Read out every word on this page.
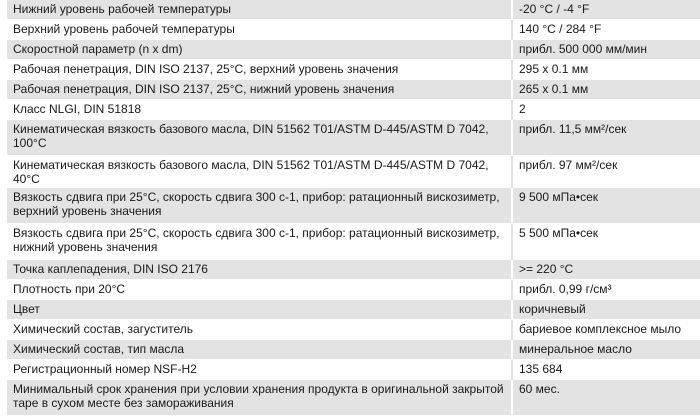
Нижний уровень рабочей температуры	-20 °C / -4 °F
Верхний уровень рабочей температуры	140 °C / 284 °F
Скоростной параметр (n x dm)	прибл. 500 000 мм/мин
Рабочая пенетрация, DIN ISO 2137, 25°C, верхний уровень значения	295 x 0.1 мм
Рабочая пенетрация, DIN ISO 2137, 25°C, нижний уровень значения	265 x 0.1 мм
Класс NLGI, DIN 51818	2
Кинематическая вязкость базового масла, DIN 51562 T01/ASTM D-445/ASTM D 7042, 100°C	прибл. 11,5 мм²/сек
Кинематическая вязкость базового масла, DIN 51562 T01/ASTM D-445/ASTM D 7042, 40°C	прибл. 97 мм²/сек
Вязкость сдвига при 25°C, скорость сдвига 300 с-1, прибор: ратационный вискозиметр, верхний уровень значения	9 500 мПа•сек
Вязкость сдвига при 25°C, скорость сдвига 300 с-1, прибор: ратационный вискозиметр, нижний уровень значения	5 500 мПа•сек
Точка каплепадения, DIN ISO 2176	>= 220 °C
Плотность при 20°C	прибл. 0,99 г/см³
Цвет	коричневый
Химический состав, загуститель	бариевое комплексное мыло
Химический состав, тип масла	минеральное масло
Регистрационный номер NSF-H2	135 684
Минимальный срок хранения при условии хранения продукта в оригинальной закрытой таре в сухом месте без замораживания	60 мес.
